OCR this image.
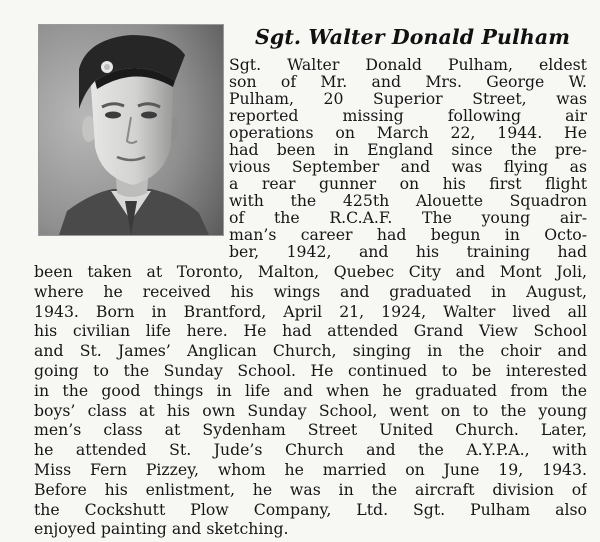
Sgt. Walter Donald Pulham
Sgt. Walter Donald Pulham, eldest
son of Mr. and Mrs. George W.
Pulham, 20 Superior Street, was
reported missing following air
operations on March 22, 1944. He
had been in England since the pre-
vious September and was flying as
a rear gunner on his first flight
with the 425th Alouette Squadron
of the R.C.A.F. The young air-
man’s career had begun in Octo-
ber, 1942, and his training had
been taken at Toronto, Malton, Quebec City and Mont Joli,
where he received his wings and graduated in August,
1943. Born in Brantford, April 21, 1924, Walter lived all
his civilian life here. He had attended Grand View School
and St. James’ Anglican Church, singing in the choir and
going to the Sunday School. He continued to be interested
in the good things in life and when he graduated from the
boys’ class at his own Sunday School, went on to the young
men’s class at Sydenham Street United Church. Later,
he attended St. Jude’s Church and the A.Y.P.A., with
Miss Fern Pizzey, whom he married on June 19, 1943.
Before his enlistment, he was in the aircraft division of
the Cockshutt Plow Company, Ltd. Sgt. Pulham also
enjoyed painting and sketching.
